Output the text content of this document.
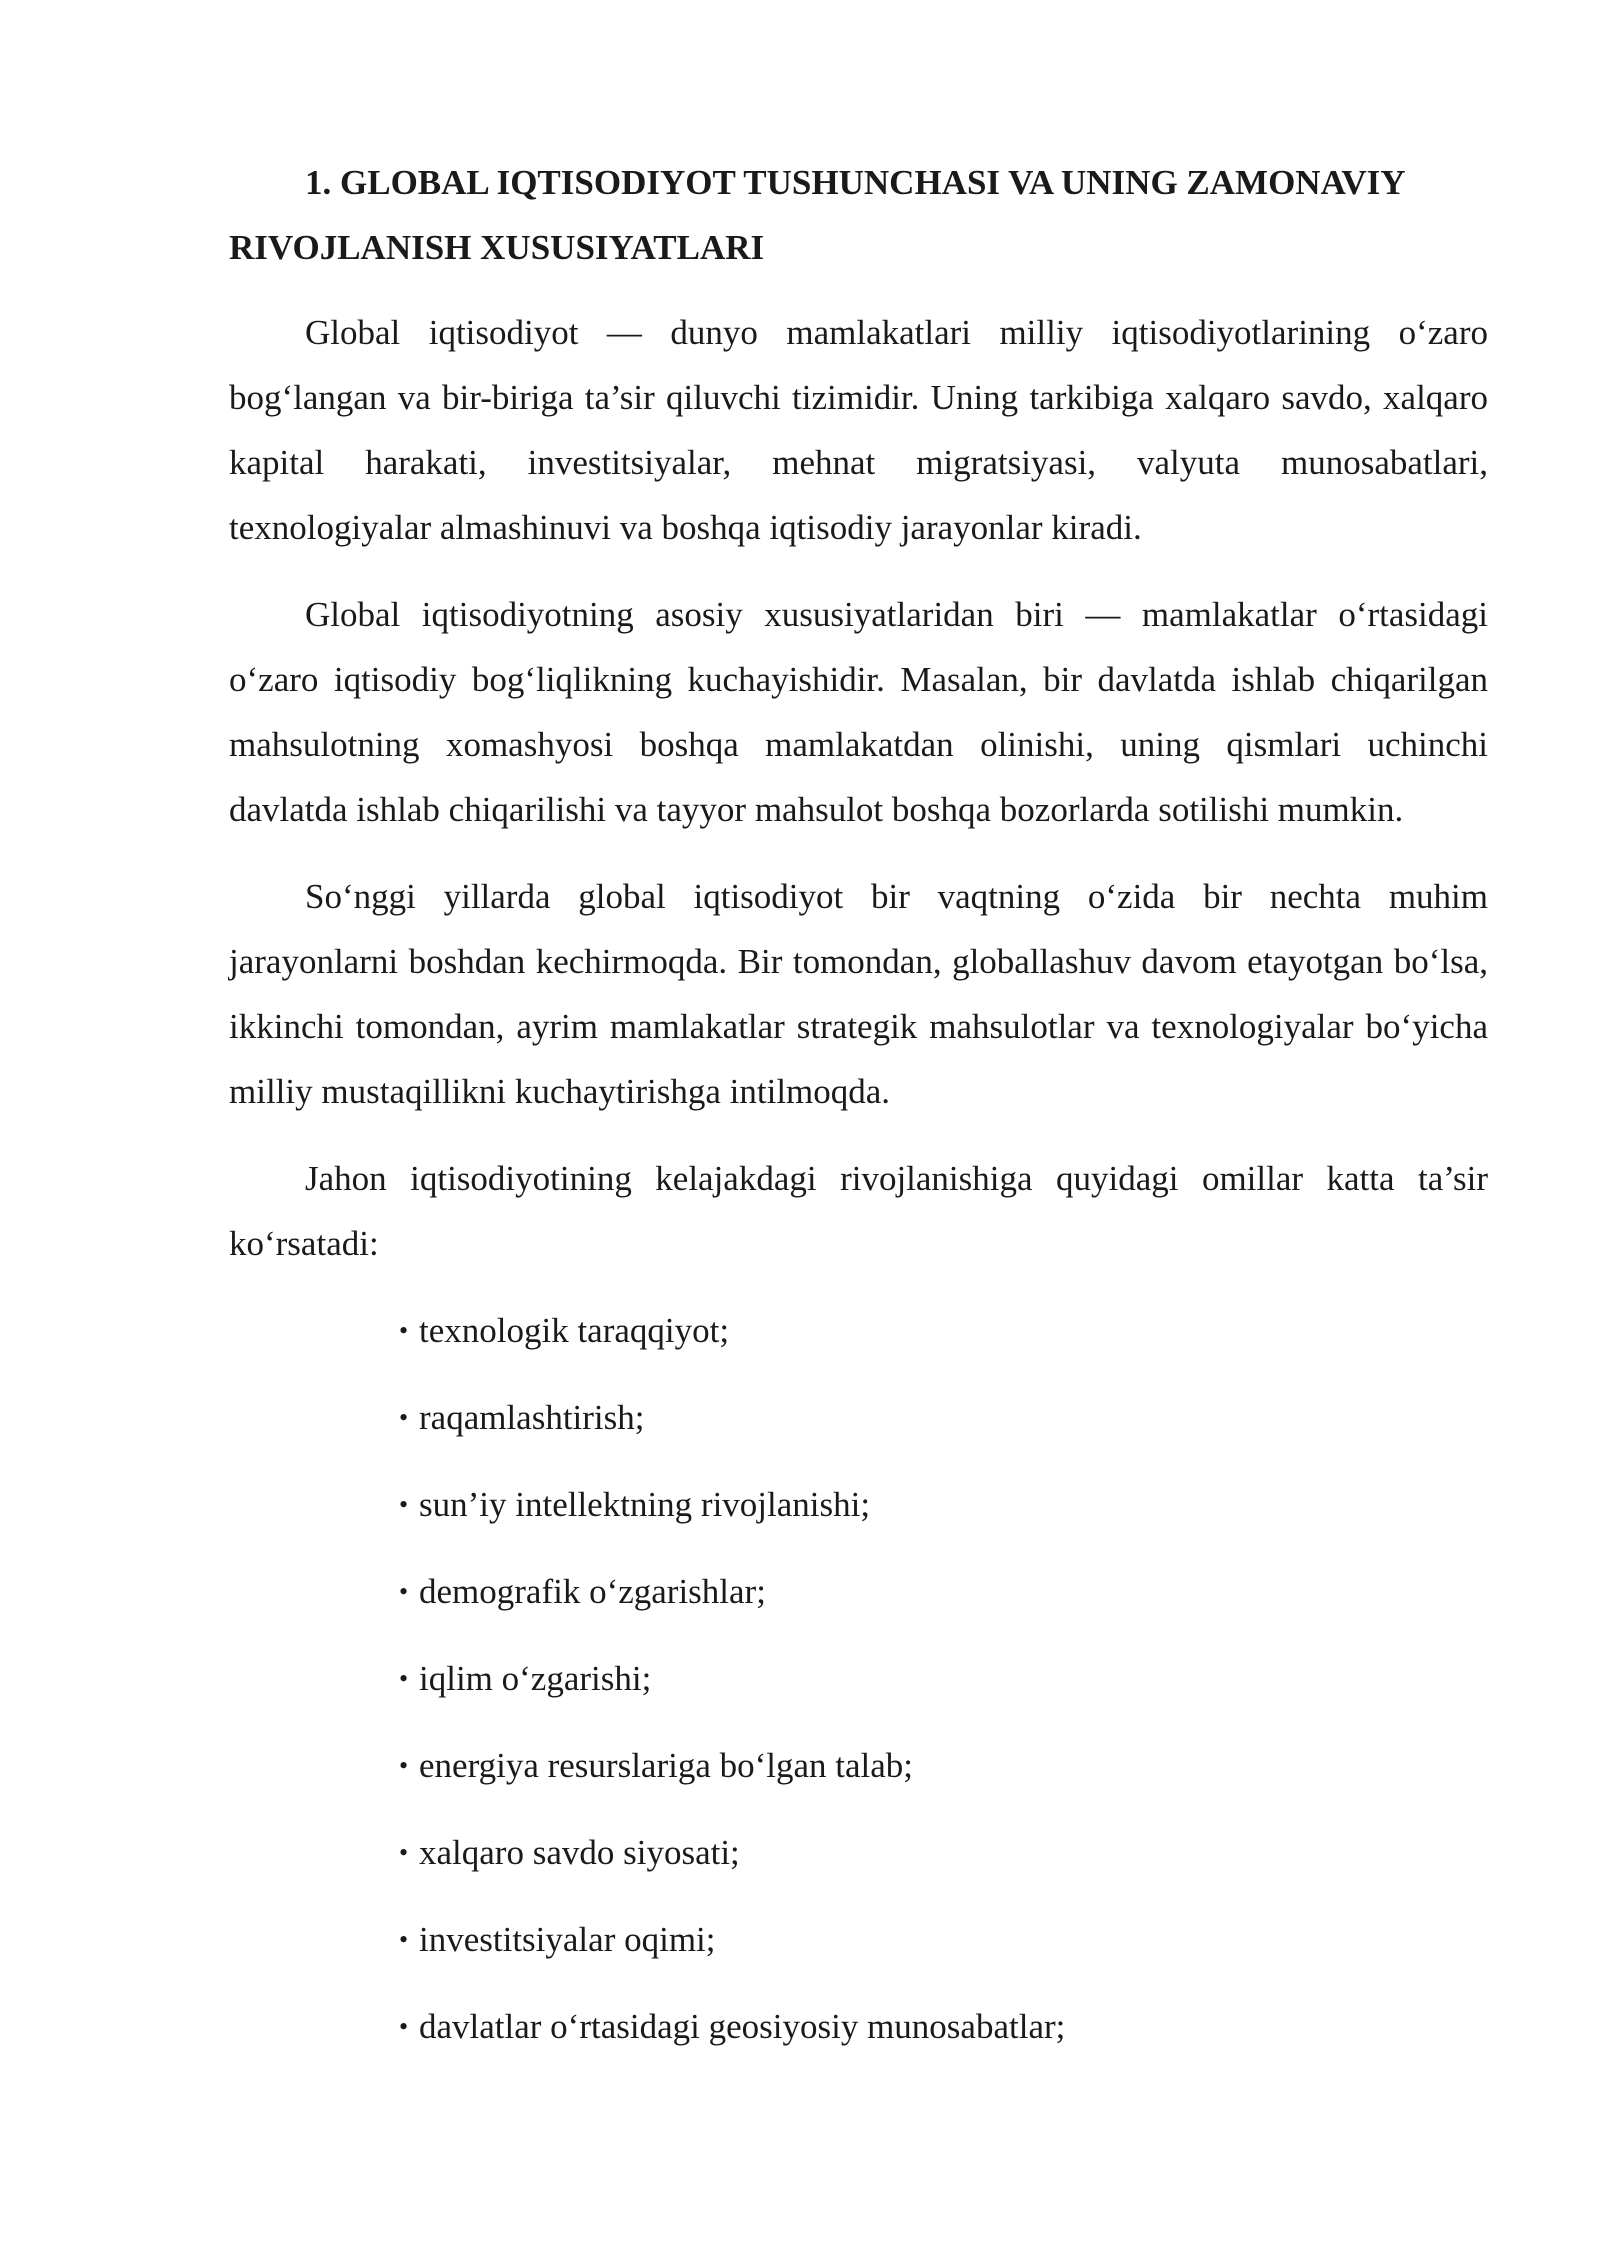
1. GLOBAL IQTISODIYOT TUSHUNCHASI VA UNING ZAMONAVIY RIVOJLANISH XUSUSIYATLARI

Global iqtisodiyot — dunyo mamlakatlari milliy iqtisodiyotlarining o‘zaro bog‘langan va bir-biriga ta’sir qiluvchi tizimidir. Uning tarkibiga xalqaro savdo, xalqaro kapital harakati, investitsiyalar, mehnat migratsiyasi, valyuta munosabatlari, texnologiyalar almashinuvi va boshqa iqtisodiy jarayonlar kiradi.

Global iqtisodiyotning asosiy xususiyatlaridan biri — mamlakatlar o‘rtasidagi o‘zaro iqtisodiy bog‘liqlikning kuchayishidir. Masalan, bir davlatda ishlab chiqarilgan mahsulotning xomashyosi boshqa mamlakatdan olinishi, uning qismlari uchinchi davlatda ishlab chiqarilishi va tayyor mahsulot boshqa bozorlarda sotilishi mumkin.

So‘nggi yillarda global iqtisodiyot bir vaqtning o‘zida bir nechta muhim jarayonlarni boshdan kechirmoqda. Bir tomondan, globallashuv davom etayotgan bo‘lsa, ikkinchi tomondan, ayrim mamlakatlar strategik mahsulotlar va texnologiyalar bo‘yicha milliy mustaqillikni kuchaytirishga intilmoqda.

Jahon iqtisodiyotining kelajakdagi rivojlanishiga quyidagi omillar katta ta’sir ko‘rsatadi:

• texnologik taraqqiyot;
• raqamlashtirish;
• sun’iy intellektning rivojlanishi;
• demografik o‘zgarishlar;
• iqlim o‘zgarishi;
• energiya resurslariga bo‘lgan talab;
• xalqaro savdo siyosati;
• investitsiyalar oqimi;
• davlatlar o‘rtasidagi geosiyosiy munosabatlar;
